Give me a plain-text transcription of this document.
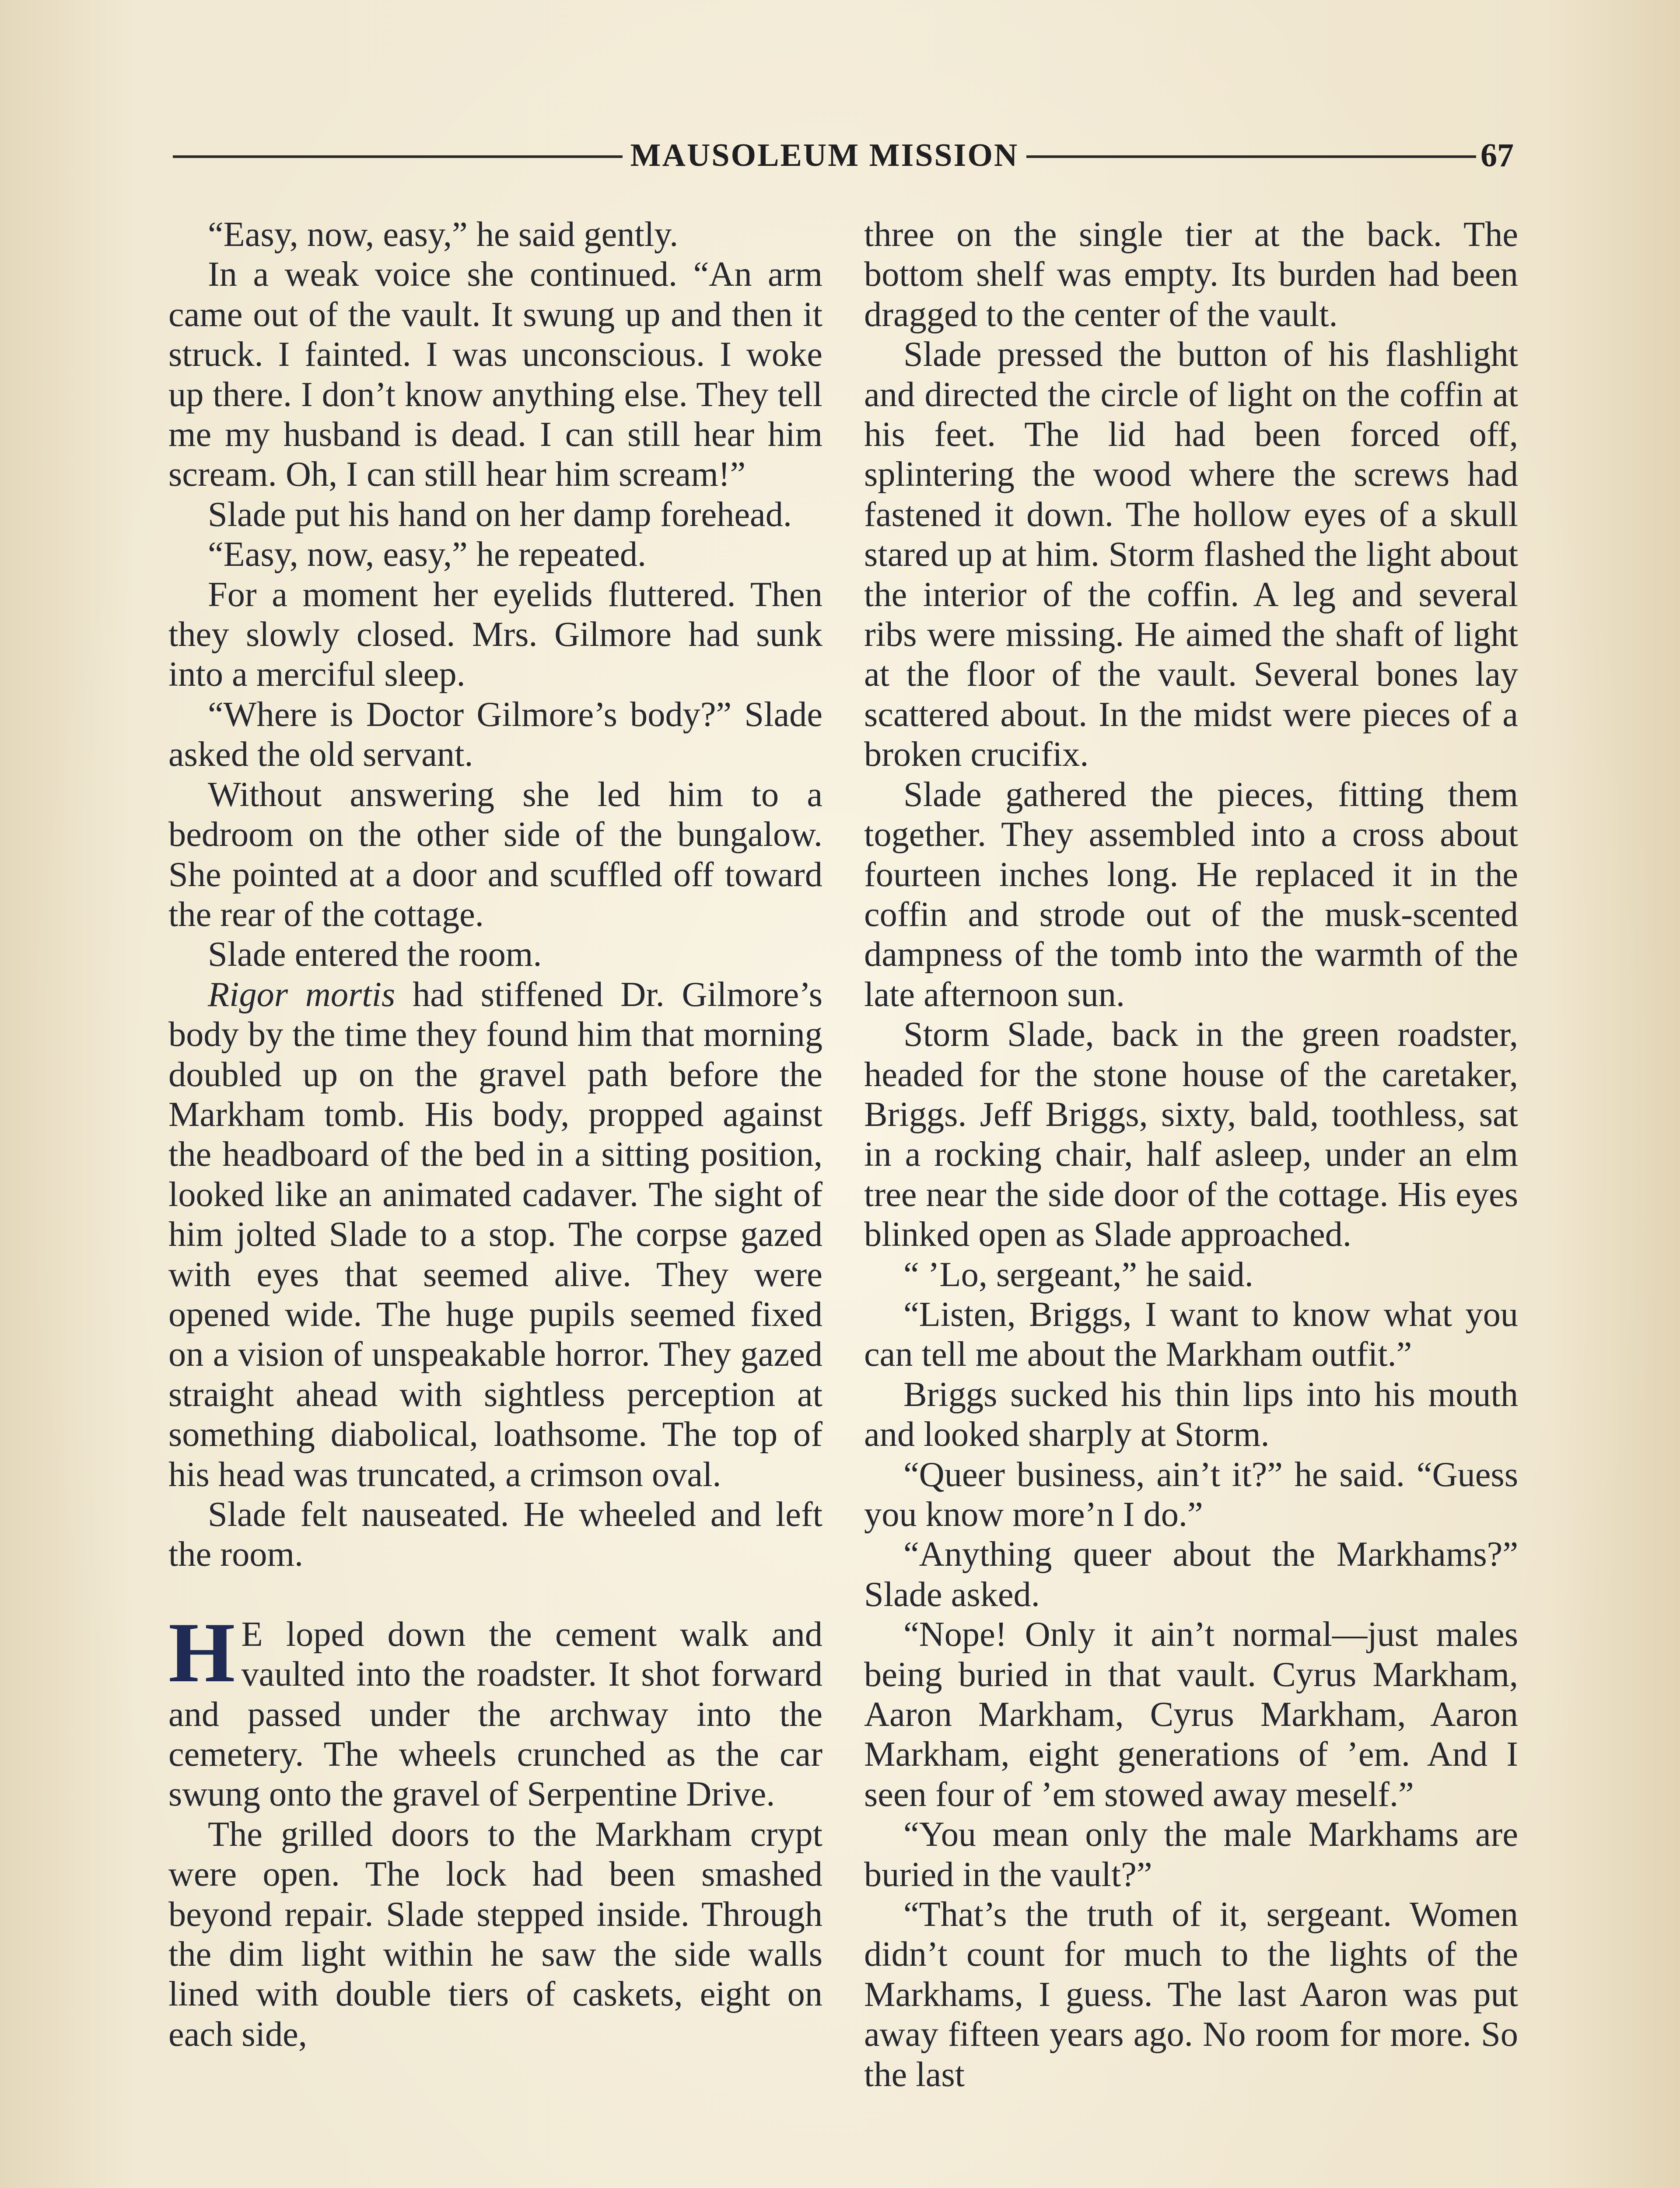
MAUSOLEUM MISSION	67

“Easy, now, easy,” he said gently.

In a weak voice she continued. “An arm came out of the vault. It swung up and then it struck. I fainted. I was unconscious. I woke up there. I don’t know anything else. They tell me my husband is dead. I can still hear him scream. Oh, I can still hear him scream!”

Slade put his hand on her damp forehead.

“Easy, now, easy,” he repeated.

For a moment her eyelids fluttered. Then they slowly closed. Mrs. Gilmore had sunk into a merciful sleep.

“Where is Doctor Gilmore’s body?” Slade asked the old servant.

Without answering she led him to a bedroom on the other side of the bungalow. She pointed at a door and scuffled off toward the rear of the cottage.

Slade entered the room.

Rigor mortis had stiffened Dr. Gilmore’s body by the time they found him that morning doubled up on the gravel path before the Markham tomb. His body, propped against the headboard of the bed in a sitting position, looked like an animated cadaver. The sight of him jolted Slade to a stop. The corpse gazed with eyes that seemed alive. They were opened wide. The huge pupils seemed fixed on a vision of unspeakable horror. They gazed straight ahead with sightless perception at something diabolical, loathsome. The top of his head was truncated, a crimson oval.

Slade felt nauseated. He wheeled and left the room.

H E loped down the cement walk and vaulted into the roadster. It shot forward and passed under the archway into the cemetery. The wheels crunched as the car swung onto the gravel of Serpentine Drive.

The grilled doors to the Markham crypt were open. The lock had been smashed beyond repair. Slade stepped inside. Through the dim light within he saw the side walls lined with double tiers of caskets, eight on each side,

three on the single tier at the back. The bottom shelf was empty. Its burden had been dragged to the center of the vault.

Slade pressed the button of his flashlight and directed the circle of light on the coffin at his feet. The lid had been forced off, splintering the wood where the screws had fastened it down. The hollow eyes of a skull stared up at him. Storm flashed the light about the interior of the coffin. A leg and several ribs were missing. He aimed the shaft of light at the floor of the vault. Several bones lay scattered about. In the midst were pieces of a broken crucifix.

Slade gathered the pieces, fitting them together. They assembled into a cross about fourteen inches long. He replaced it in the coffin and strode out of the musk-scented dampness of the tomb into the warmth of the late afternoon sun.

Storm Slade, back in the green roadster, headed for the stone house of the caretaker, Briggs. Jeff Briggs, sixty, bald, toothless, sat in a rocking chair, half asleep, under an elm tree near the side door of the cottage. His eyes blinked open as Slade approached.

“ ’Lo, sergeant,” he said.

“Listen, Briggs, I want to know what you can tell me about the Markham outfit.”

Briggs sucked his thin lips into his mouth and looked sharply at Storm.

“Queer business, ain’t it?” he said. “Guess you know more’n I do.”

“Anything queer about the Markhams?” Slade asked.

“Nope! Only it ain’t normal—just males being buried in that vault. Cyrus Markham, Aaron Markham, Cyrus Markham, Aaron Markham, eight generations of ’em. And I seen four of ’em stowed away meself.”

“You mean only the male Markhams are buried in the vault?”

“That’s the truth of it, sergeant. Women didn’t count for much to the lights of the Markhams, I guess. The last Aaron was put away fifteen years ago. No room for more. So the last
